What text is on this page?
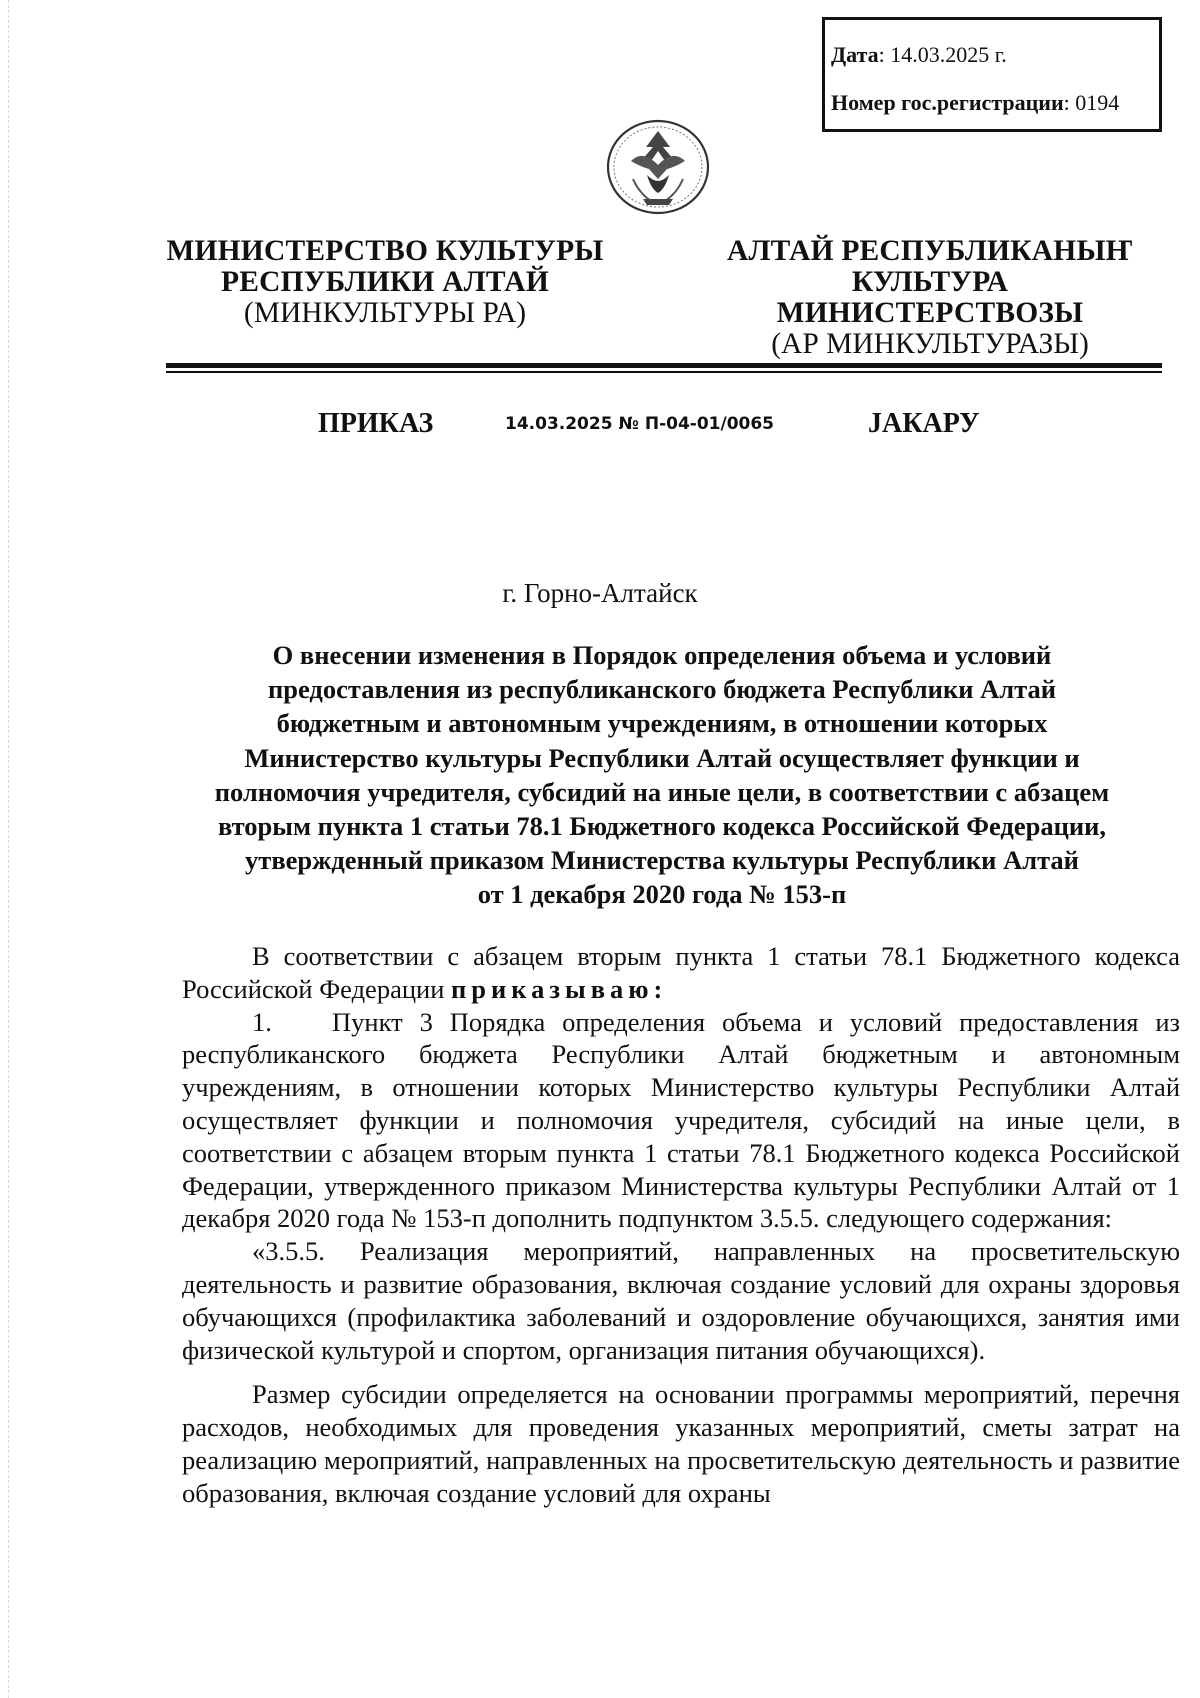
Дата: 14.03.2025 г.
Номер гос.регистрации: 0194
МИНИСТЕРСТВО КУЛЬТУРЫ
РЕСПУБЛИКИ АЛТАЙ
(МИНКУЛЬТУРЫ РА)
АЛТАЙ РЕСПУБЛИКАНЫҤ
КУЛЬТУРА МИНИСТЕРСТВОЗЫ
(АР МИНКУЛЬТУРАЗЫ)
ПРИКАЗ	14.03.2025 № П-04-01/0065	JАКАРУ
г. Горно-Алтайск
О внесении изменения в Порядок определения объема и условий
предоставления из республиканского бюджета Республики Алтай
бюджетным и автономным учреждениям, в отношении которых
Министерство культуры Республики Алтай осуществляет функции и
полномочия учредителя, субсидий на иные цели, в соответствии с абзацем
вторым пункта 1 статьи 78.1 Бюджетного кодекса Российской Федерации,
утвержденный приказом Министерства культуры Республики Алтай
от 1 декабря 2020 года № 153-п

В соответствии с абзацем вторым пункта 1 статьи 78.1 Бюджетного кодекса Российской Федерации приказываю:

1. Пункт 3 Порядка определения объема и условий предоставления из республиканского бюджета Республики Алтай бюджетным и автономным учреждениям, в отношении которых Министерство культуры Республики Алтай осуществляет функции и полномочия учредителя, субсидий на иные цели, в соответствии с абзацем вторым пункта 1 статьи 78.1 Бюджетного кодекса Российской Федерации, утвержденного приказом Министерства культуры Республики Алтай от 1 декабря 2020 года № 153-п дополнить подпунктом 3.5.5. следующего содержания:

«3.5.5. Реализация мероприятий, направленных на просветительскую деятельность и развитие образования, включая создание условий для охраны здоровья обучающихся (профилактика заболеваний и оздоровление обучающихся, занятия ими физической культурой и спортом, организация питания обучающихся).

Размер субсидии определяется на основании программы мероприятий, перечня расходов, необходимых для проведения указанных мероприятий, сметы затрат на реализацию мероприятий, направленных на просветительскую деятельность и развитие образования, включая создание условий для охраны
